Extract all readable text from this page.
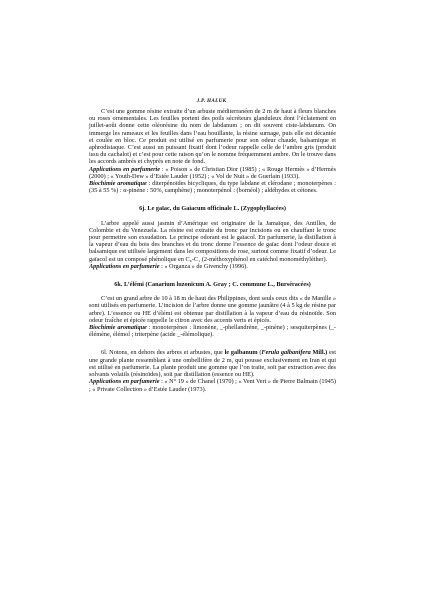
J.P. HALUK

C’est une gomme résine extraite d’un arbuste méditerranéen de 2 m de haut à fleurs blanches ou roses ornementales. Les feuilles portent des poils sécréteurs glanduleux dont l’éclatement en juillet-août donne cette oléorésine du nom de labdanum ; on dit souvent ciste-labdanum. On immerge les rameaux et les feuilles dans l’eau bouillante, la résine surnage, puis elle est décantée et coulée en bloc. Ce produit est utilisé en parfumerie pour son odeur chaude, balsamique et aphrodisiaque. C’est aussi un puissant fixatif dont l’odeur rappelle celle de l’ambre gris (produit issu du cachalot) et c’est pour cette raison qu’on le nomme fréquemment ambre. On le trouve dans les accords ambrés et chyprés en note de fond.

Applications en parfumerie : « Poison » de Christian Dior (1985) ; « Rouge Hermès » d’Hermès (2000) ; « Youth-Dew » d’Estée Lauder (1952) ; « Vol de Nuit » de Guerlain (1933).

Biochimie aromatique : diterpénoïdes bicycliques, du type labdane et clérodane ; monoterpènes : (35 à 55 %) : α-pinène : 50%, camphène) ; monoterpénol : (bornéol) ; aldéhydes et cétones.

6j. Le gaïac, du Gaiacum officinale L. (Zygophyllacées)

L’arbre appelé aussi jasmin d’Amérique est originaire de la Jamaïque, des Antilles, de Colombie et du Venezuela. La résine est extraite du tronc par incisions ou en chauffant le tronc pour permettre son exsudation. Le principe odorant est le gaïacol. En parfumerie, la distillation à la vapeur d’eau du bois des branches et du tronc donne l’essence de gaïac dont l’odeur douce et balsamique est utilisée largement dans les compositions de rose, surtout comme fixatif d’odeur. Le gaïacol est un composé phénolique en C₆-C₁ (2-méthoxyphénol en catéchol monométhyléther).

Applications en parfumerie : « Organza » de Givenchy (1996).

6k. L’élémi (Canarium luzonicum A. Gray ; C. commune L., Burséracées)

C’est un grand arbre de 10 à 18 m de haut des Philippines, dont seuls ceux dits « de Manille » sont utilisés en parfumerie. L’incision de l’arbre donne une gomme jaunâtre (4 à 5 kg de résine par arbre). L’essence ou HE d’élémi est obtenue par distillation à la vapeur d’eau du résinoïde. Son odeur fraîche et épicée rappelle le citron avec des accents verts et épicés.

Biochimie aromatique : monoterpènes : limonène, _-phellandrène, _-pinène) ; sesquiterpènes (_-élémène, élémol ; triterpène (acide _-élémolique).

6l. Notons, en dehors des arbres et arbustes, que le galbanum (Ferula galbanifera Mill.) est une grande plante ressemblant à une ombellifère de 2 m, qui pousse exclusivement en Iran et qui est utilisé en parfumerie. La plante produit une gomme que l’on traite, soit par extraction avec des solvants volatils (résinoïdes), soit par distillation (essence ou HE).

Applications en parfumerie : « N° 19 » de Chanel (1970) ; « Vent Vert » de Pierre Balmain (1945) ; « Private Collection » d’Estée Lauder (1973).
